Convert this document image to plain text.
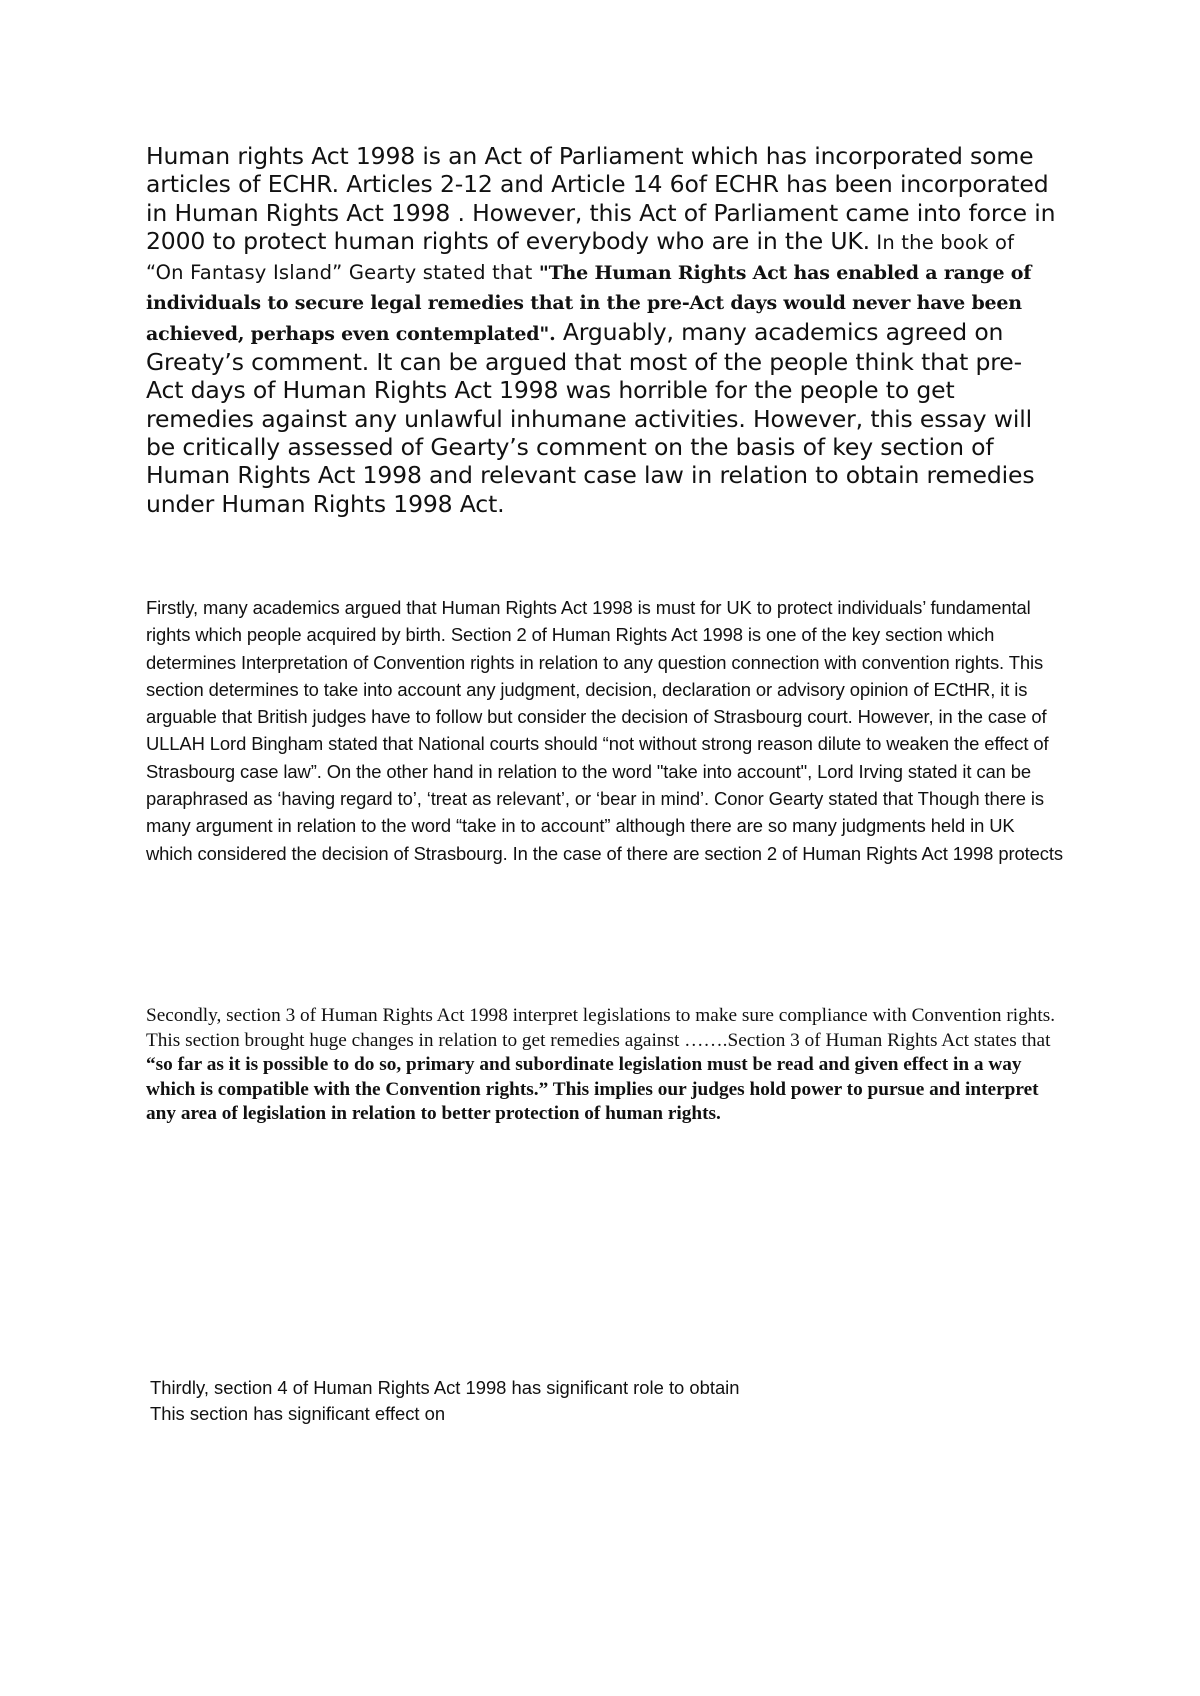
Human rights Act 1998 is an Act of Parliament which has incorporated some articles of ECHR. Articles 2-12 and Article 14 6of ECHR has been incorporated in Human Rights Act 1998 . However, this Act of Parliament came into force in 2000 to protect human rights of everybody who are in the UK. In the book of “On Fantasy Island” Gearty stated that "The Human Rights Act has enabled a range of individuals to secure legal remedies that in the pre-Act days would never have been achieved, perhaps even contemplated". Arguably, many academics agreed on Greaty’s comment. It can be argued that most of the people think that pre-Act days of Human Rights Act 1998 was horrible for the people to get remedies against any unlawful inhumane activities. However, this essay will be critically assessed of Gearty’s comment on the basis of key section of Human Rights Act 1998 and relevant case law in relation to obtain remedies under Human Rights 1998 Act.
Firstly, many academics argued that Human Rights Act 1998 is must for UK to protect individuals’ fundamental rights which people acquired by birth. Section 2 of Human Rights Act 1998 is one of the key section which determines Interpretation of Convention rights in relation to any question connection with convention rights. This section determines to take into account any judgment, decision, declaration or advisory opinion of ECtHR, it is arguable that British judges have to follow but consider the decision of Strasbourg court. However, in the case of ULLAH Lord Bingham stated that National courts should “not without strong reason dilute to weaken the effect of Strasbourg case law”. On the other hand in relation to the word "take into account", Lord Irving stated it can be paraphrased as ‘having regard to’, ‘treat as relevant’, or ‘bear in mind’. Conor Gearty stated that Though there is many argument in relation to the word “take in to account” although there are so many judgments held in UK which considered the decision of Strasbourg. In the case of there are section 2 of Human Rights Act 1998 protects
Secondly, section 3 of Human Rights Act 1998 interpret legislations to make sure compliance with Convention rights. This section brought huge changes in relation to get remedies against …….Section 3 of Human Rights Act states that “so far as it is possible to do so, primary and subordinate legislation must be read and given effect in a way which is compatible with the Convention rights.” This implies our judges hold power to pursue and interpret any area of legislation in relation to better protection of human rights.
Thirdly, section 4 of Human Rights Act 1998 has significant role to obtain
This section has significant effect on
